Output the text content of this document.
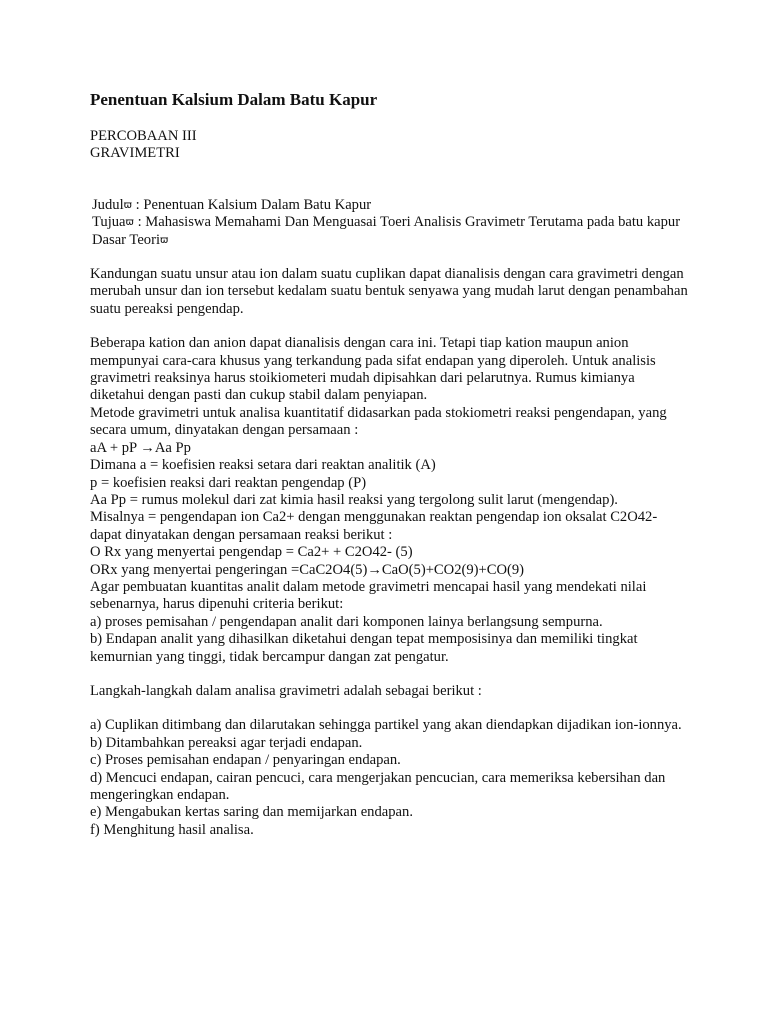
Penentuan Kalsium Dalam Batu Kapur
PERCOBAAN III
GRAVIMETRI
Judulϖ : Penentuan Kalsium Dalam Batu Kapur
Tujuaϖ : Mahasiswa Memahami Dan Menguasai Toeri Analisis Gravimetr Terutama pada batu kapur
Dasar Teoriϖ
Kandungan suatu unsur atau ion dalam suatu cuplikan dapat dianalisis dengan cara gravimetri dengan merubah unsur dan ion tersebut kedalam suatu bentuk senyawa yang mudah larut dengan penambahan suatu pereaksi pengendap.
Beberapa kation dan anion dapat dianalisis dengan cara ini. Tetapi tiap kation maupun anion mempunyai cara-cara khusus yang terkandung pada sifat endapan yang diperoleh. Untuk analisis gravimetri reaksinya harus stoikiometeri mudah dipisahkan dari pelarutnya. Rumus kimianya diketahui dengan pasti dan cukup stabil dalam penyiapan.
Metode gravimetri untuk analisa kuantitatif didasarkan pada stokiometri reaksi pengendapan, yang secara umum, dinyatakan dengan persamaan :
aA + pP →Aa Pp
Dimana a = koefisien reaksi setara dari reaktan analitik (A)
p = koefisien reaksi dari reaktan pengendap (P)
Aa Pp = rumus molekul dari zat kimia hasil reaksi yang tergolong sulit larut (mengendap).
Misalnya = pengendapan ion Ca2+ dengan menggunakan reaktan pengendap ion oksalat C2O42- dapat dinyatakan dengan persamaan reaksi berikut :
O Rx yang menyertai pengendap = Ca2+ + C2O42- (5)
ORx yang menyertai pengeringan =CaC2O4(5)→CaO(5)+CO2(9)+CO(9)
Agar pembuatan kuantitas analit dalam metode gravimetri mencapai hasil yang mendekati nilai sebenarnya, harus dipenuhi criteria berikut:
a) proses pemisahan / pengendapan analit dari komponen lainya berlangsung sempurna.
b) Endapan analit yang dihasilkan diketahui dengan tepat memposisinya dan memiliki tingkat kemurnian yang tinggi, tidak bercampur dangan zat pengatur.
Langkah-langkah dalam analisa gravimetri adalah sebagai berikut :
a) Cuplikan ditimbang dan dilarutakan sehingga partikel yang akan diendapkan dijadikan ion-ionnya.
b) Ditambahkan pereaksi agar terjadi endapan.
c) Proses pemisahan endapan / penyaringan endapan.
d) Mencuci endapan, cairan pencuci, cara mengerjakan pencucian, cara memeriksa kebersihan dan mengeringkan endapan.
e) Mengabukan kertas saring dan memijarkan endapan.
f) Menghitung hasil analisa.
